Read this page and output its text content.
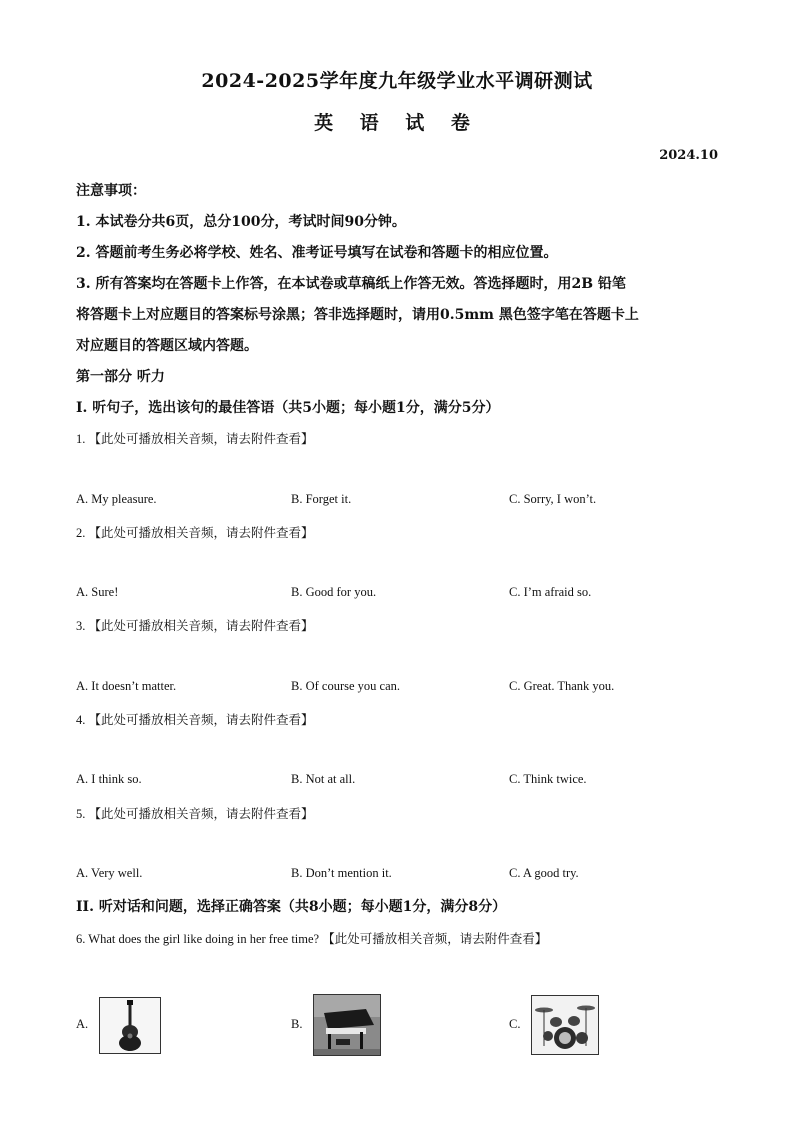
2024-2025学年度九年级学业水平调研测试
英 语 试 卷
2024.10
注意事项：
1. 本试卷分共6页，总分100分，考试时间90分钟。
2. 答题前考生务必将学校、姓名、准考证号填写在试卷和答题卡的相应位置。
3. 所有答案均在答题卡上作答，在本试卷或草稿纸上作答无效。答选择题时，用2B 铅笔
将答题卡上对应题目的答案标号涂黑；答非选择题时，请用0.5mm 黑色签字笔在答题卡上
对应题目的答题区域内答题。
第一部分 听力
I. 听句子，选出该句的最佳答语（共5小题；每小题1分，满分5分）
1. 【此处可播放相关音频，请去附件查看】
A. My pleasure.	B. Forget it.	C. Sorry, I won’t.
2. 【此处可播放相关音频，请去附件查看】
A. Sure!	B. Good for you.	C. I’m afraid so.
3. 【此处可播放相关音频，请去附件查看】
A. It doesn’t matter.	B. Of course you can.	C. Great. Thank you.
4. 【此处可播放相关音频，请去附件查看】
A. I think so.	B. Not at all.	C. Think twice.
5. 【此处可播放相关音频，请去附件查看】
A. Very well.	B. Don’t mention it.	C. A good try.
II. 听对话和问题，选择正确答案（共8小题；每小题1分，满分8分）
6. What does the girl like doing in her free time? 【此处可播放相关音频，请去附件查看】
A.	B.	C.
